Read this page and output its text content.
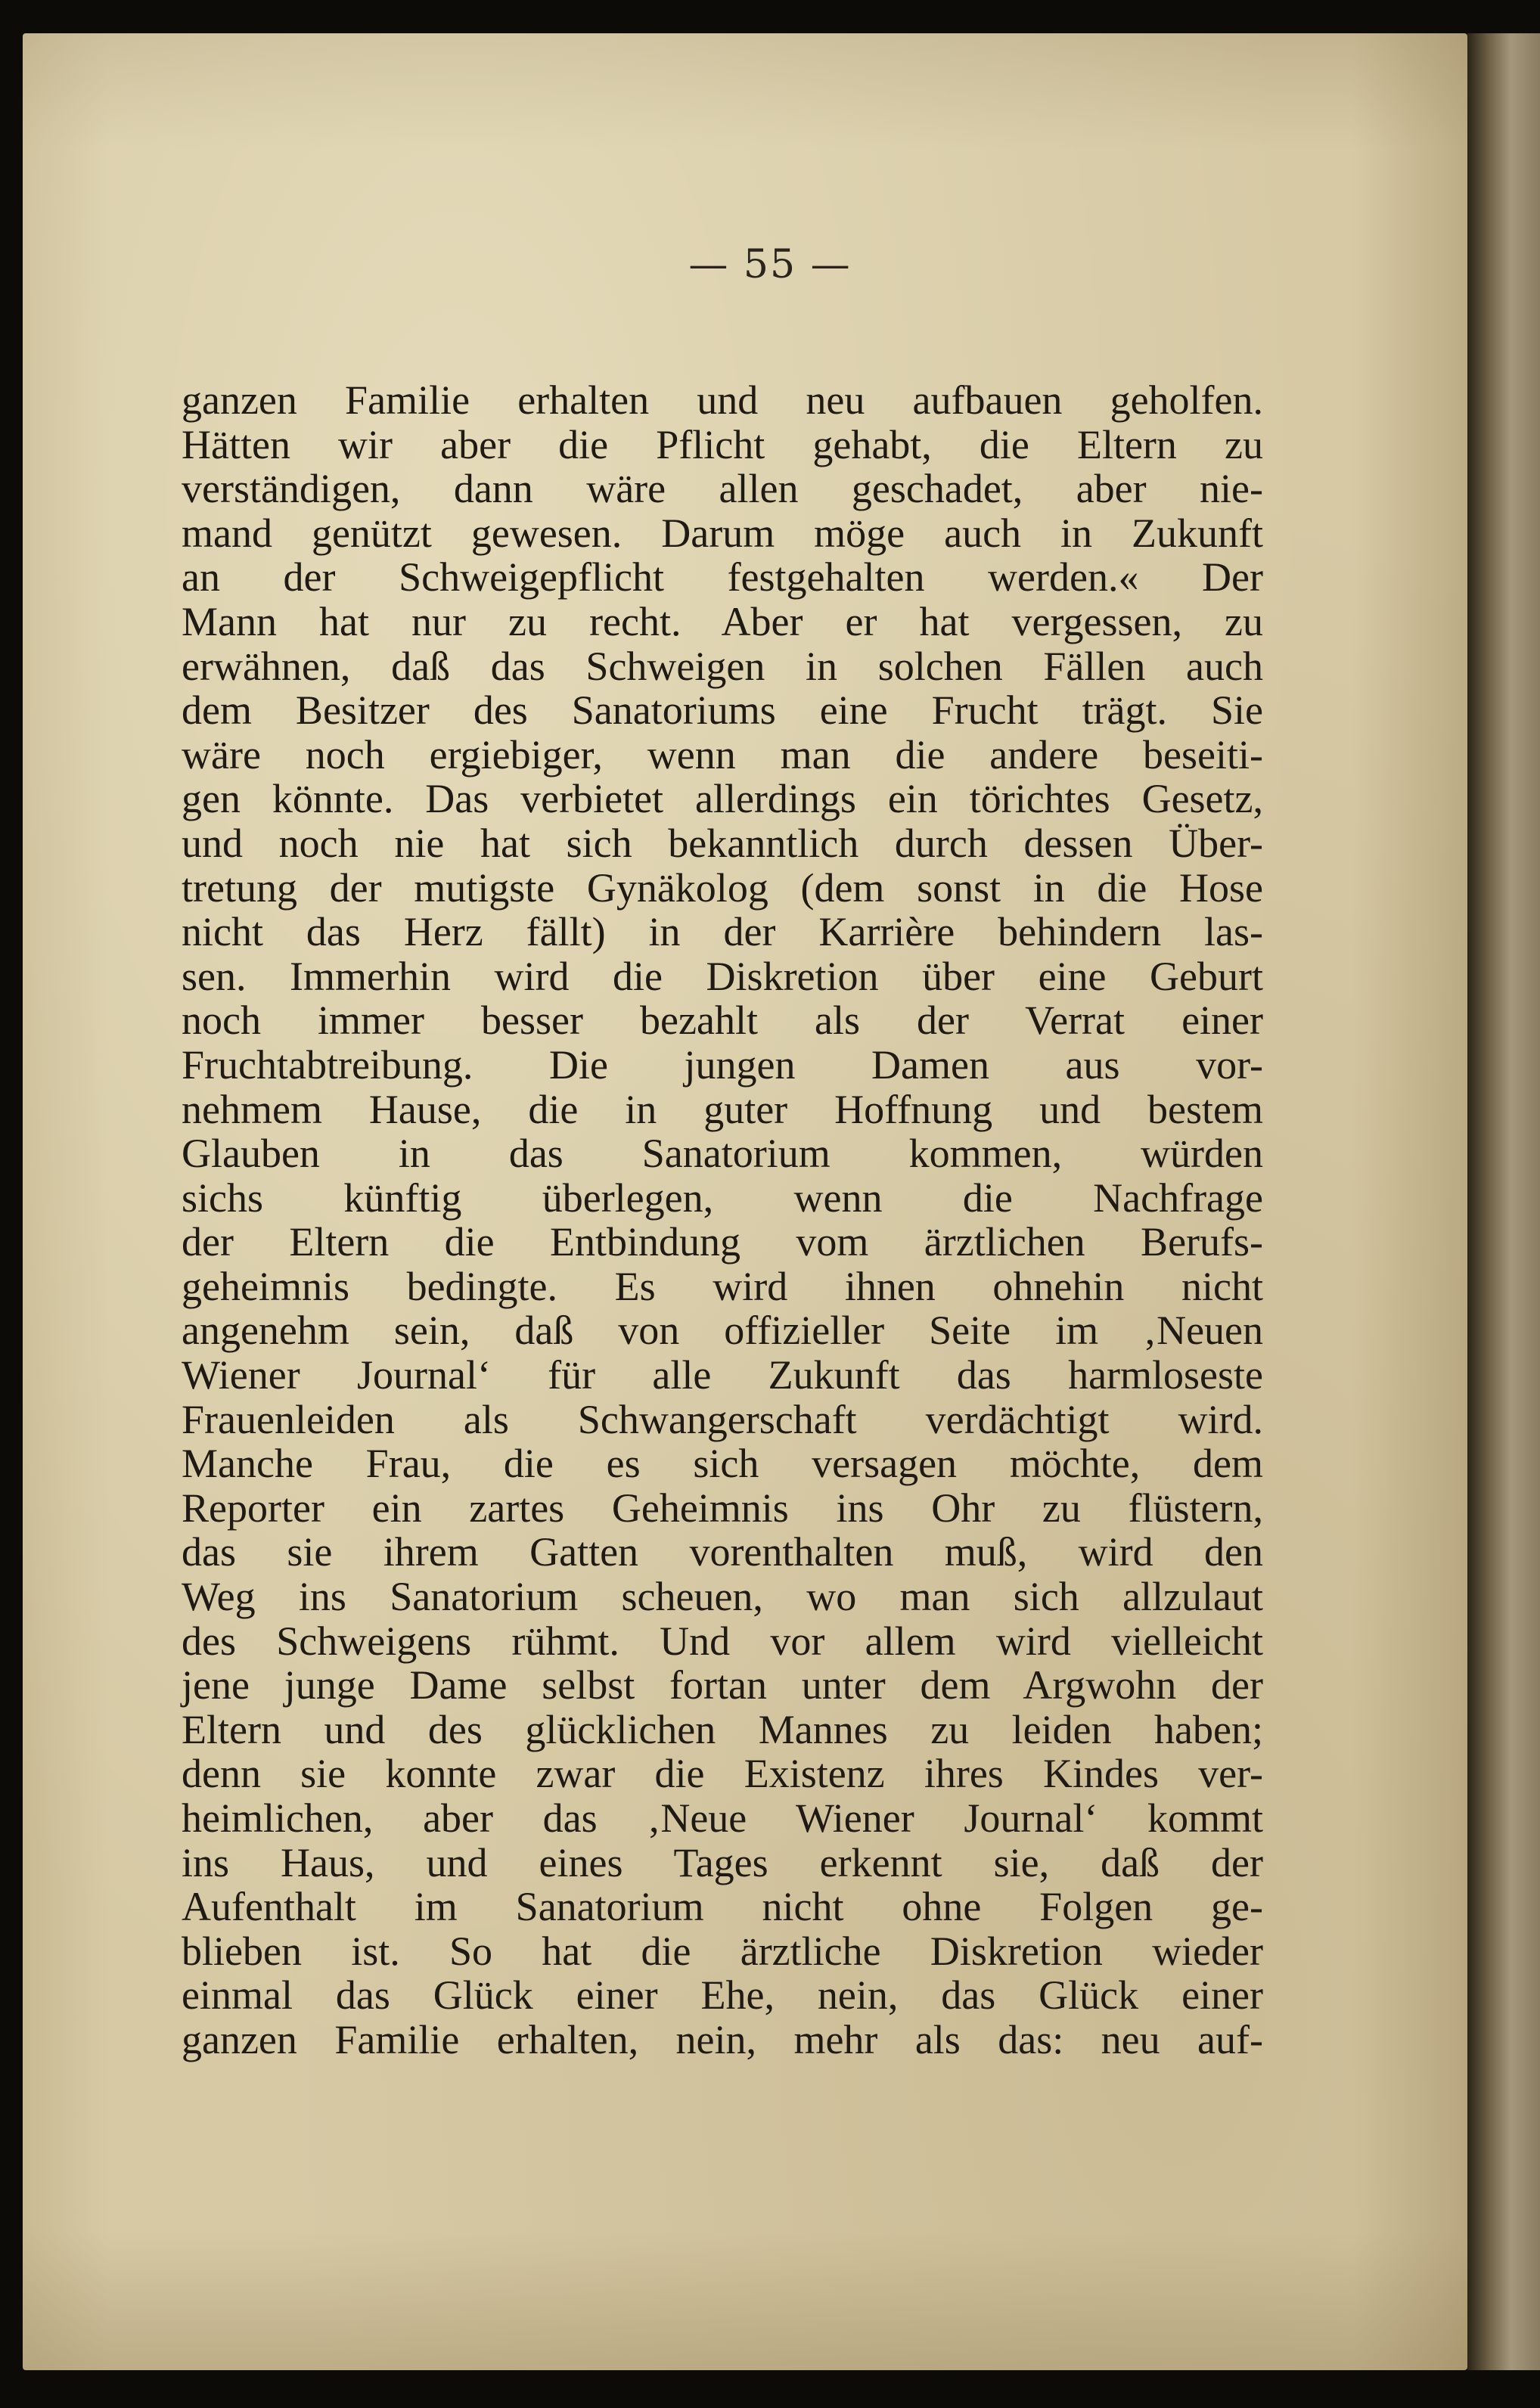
— 55 —
ganzen Familie erhalten und neu aufbauen geholfen.
Hätten wir aber die Pflicht gehabt, die Eltern zu
verständigen, dann wäre allen geschadet, aber nie-
mand genützt gewesen. Darum möge auch in Zukunft
an der Schweigepflicht festgehalten werden.« Der
Mann hat nur zu recht. Aber er hat vergessen, zu
erwähnen, daß das Schweigen in solchen Fällen auch
dem Besitzer des Sanatoriums eine Frucht trägt. Sie
wäre noch ergiebiger, wenn man die andere beseiti-
gen könnte. Das verbietet allerdings ein törichtes Gesetz,
und noch nie hat sich bekanntlich durch dessen Über-
tretung der mutigste Gynäkolog (dem sonst in die Hose
nicht das Herz fällt) in der Karrière behindern las-
sen. Immerhin wird die Diskretion über eine Geburt
noch immer besser bezahlt als der Verrat einer
Fruchtabtreibung. Die jungen Damen aus vor-
nehmem Hause, die in guter Hoffnung und bestem
Glauben in das Sanatorium kommen, würden
sichs künftig überlegen, wenn die Nachfrage
der Eltern die Entbindung vom ärztlichen Berufs-
geheimnis bedingte. Es wird ihnen ohnehin nicht
angenehm sein, daß von offizieller Seite im ‚Neuen
Wiener Journal‘ für alle Zukunft das harmloseste
Frauenleiden als Schwangerschaft verdächtigt wird.
Manche Frau, die es sich versagen möchte, dem
Reporter ein zartes Geheimnis ins Ohr zu flüstern,
das sie ihrem Gatten vorenthalten muß, wird den
Weg ins Sanatorium scheuen, wo man sich allzulaut
des Schweigens rühmt. Und vor allem wird vielleicht
jene junge Dame selbst fortan unter dem Argwohn der
Eltern und des glücklichen Mannes zu leiden haben;
denn sie konnte zwar die Existenz ihres Kindes ver-
heimlichen, aber das ‚Neue Wiener Journal‘ kommt
ins Haus, und eines Tages erkennt sie, daß der
Aufenthalt im Sanatorium nicht ohne Folgen ge-
blieben ist. So hat die ärztliche Diskretion wieder
einmal das Glück einer Ehe, nein, das Glück einer
ganzen Familie erhalten, nein, mehr als das: neu auf-
